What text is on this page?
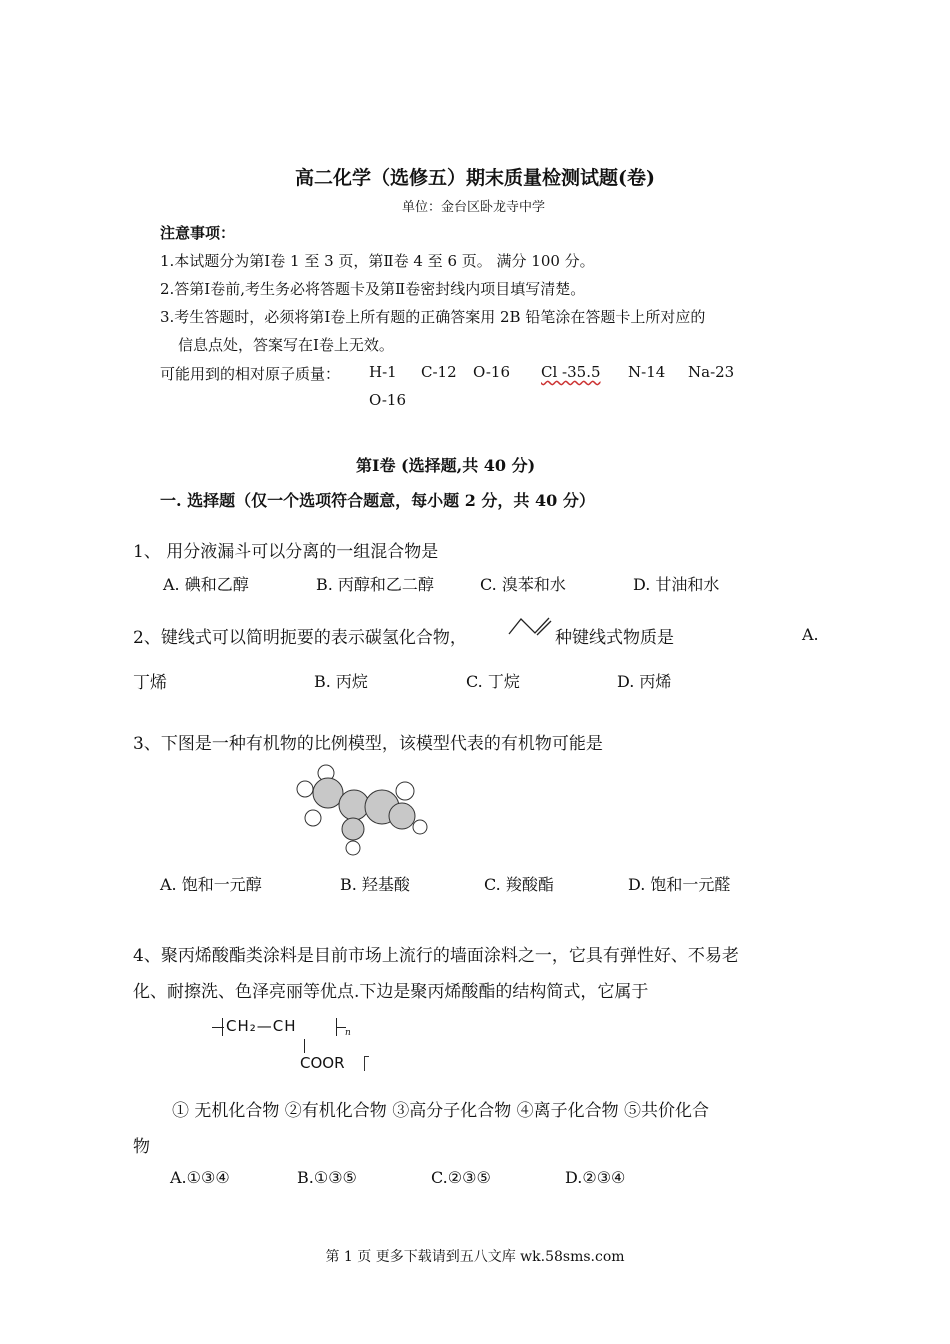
高二化学（选修五）期末质量检测试题(卷)
单位：金台区卧龙寺中学
注意事项：
1.本试题分为第Ⅰ卷 1 至 3 页，第Ⅱ卷 4 至 6 页。 满分 100 分。
2.答第Ⅰ卷前,考生务必将答题卡及第Ⅱ卷密封线内项目填写清楚。
3.考生答题时，必须将第Ⅰ卷上所有题的正确答案用 2B 铅笔涂在答题卡上所对应的
信息点处，答案写在Ⅰ卷上无效。
可能用到的相对原子质量： H-1 C-12 O-16 Cl -35.5 N-14 Na-23
O-16
第Ⅰ卷 (选择题,共 40 分)
一. 选择题（仅一个选项符合题意，每小题 2 分，共 40 分）
1、 用分液漏斗可以分离的一组混合物是
A. 碘和乙醇	B. 丙醇和乙二醇	C. 溴苯和水	D. 甘油和水
2、键线式可以简明扼要的表示碳氢化合物，	种键线式物质是	A.
丁烯	B. 丙烷	C. 丁烷	D. 丙烯
3、下图是一种有机物的比例模型，该模型代表的有机物可能是
A. 饱和一元醇	B. 羟基酸	C. 羧酸酯	D. 饱和一元醛
4、聚丙烯酸酯类涂料是目前市场上流行的墙面涂料之一，它具有弹性好、不易老
化、耐擦洗、色泽亮丽等优点.下边是聚丙烯酸酯的结构简式，它属于
CH₂—CH	n
COOR
① 无机化合物 ②有机化合物 ③高分子化合物 ④离子化合物 ⑤共价化合
物
A.①③④	B.①③⑤	C.②③⑤	D.②③④
第 1 页 更多下载请到五八文库 wk.58sms.com
